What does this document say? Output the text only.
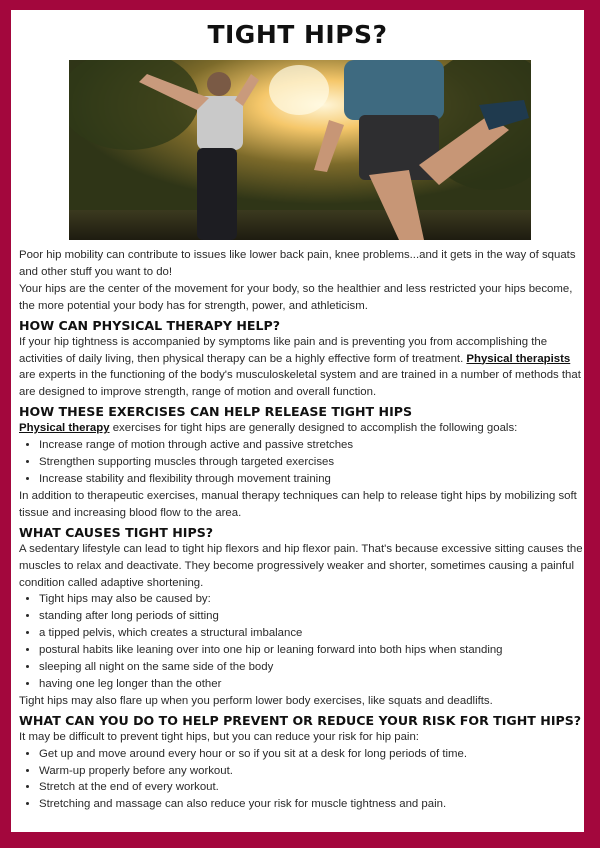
TIGHT HIPS?

Poor hip mobility can contribute to issues like lower back pain, knee problems...and it gets in the way of squats and other stuff you want to do!

Your hips are the center of the movement for your body, so the healthier and less restricted your hips become, the more potential your body has for strength, power, and athleticism.

HOW CAN PHYSICAL THERAPY HELP?

If your hip tightness is accompanied by symptoms like pain and is preventing you from accomplishing the activities of daily living, then physical therapy can be a highly effective form of treatment. Physical therapists are experts in the functioning of the body's musculoskeletal system and are trained in a number of methods that are designed to improve strength, range of motion and overall function.

HOW THESE EXERCISES CAN HELP RELEASE TIGHT HIPS

Physical therapy exercises for tight hips are generally designed to accomplish the following goals:

• Increase range of motion through active and passive stretches
• Strengthen supporting muscles through targeted exercises
• Increase stability and flexibility through movement training

In addition to therapeutic exercises, manual therapy techniques can help to release tight hips by mobilizing soft tissue and increasing blood flow to the area.

WHAT CAUSES TIGHT HIPS?

A sedentary lifestyle can lead to tight hip flexors and hip flexor pain. That's because excessive sitting causes the muscles to relax and deactivate. They become progressively weaker and shorter, sometimes causing a painful condition called adaptive shortening.

• Tight hips may also be caused by:
• standing after long periods of sitting
• a tipped pelvis, which creates a structural imbalance
• postural habits like leaning over into one hip or leaning forward into both hips when standing
• sleeping all night on the same side of the body
• having one leg longer than the other

Tight hips may also flare up when you perform lower body exercises, like squats and deadlifts.

WHAT CAN YOU DO TO HELP PREVENT OR REDUCE YOUR RISK FOR TIGHT HIPS?

It may be difficult to prevent tight hips, but you can reduce your risk for hip pain:

• Get up and move around every hour or so if you sit at a desk for long periods of time.
• Warm-up properly before any workout.
• Stretch at the end of every workout.
• Stretching and massage can also reduce your risk for muscle tightness and pain.
